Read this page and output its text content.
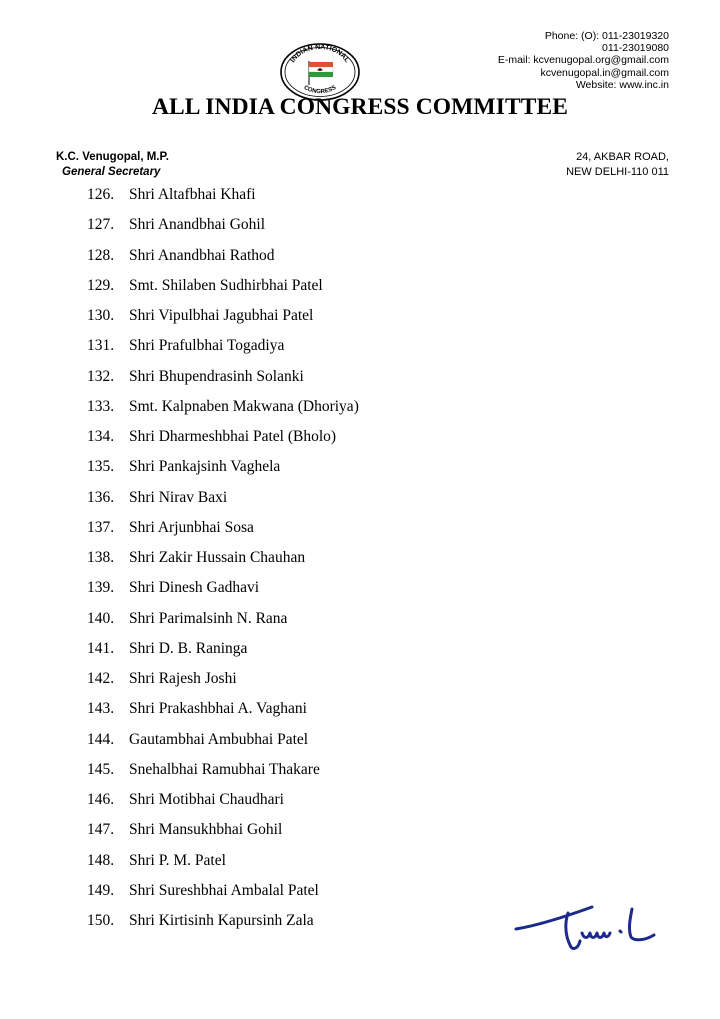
Phone: (O): 011-23019320
011-23019080
E-mail: kcvenugopal.org@gmail.com
kcvenugopal.in@gmail.com
Website: www.inc.in
INDIAN NATIONAL
CONGRESS
ALL INDIA CONGRESS COMMITTEE
K.C. Venugopal, M.P.
General Secretary
24, AKBAR ROAD,
NEW DELHI-110 011
126. Shri Altafbhai Khafi
127. Shri Anandbhai Gohil
128. Shri Anandbhai Rathod
129. Smt. Shilaben Sudhirbhai Patel
130. Shri Vipulbhai Jagubhai Patel
131. Shri Prafulbhai Togadiya
132. Shri Bhupendrasinh Solanki
133. Smt. Kalpnaben Makwana (Dhoriya)
134. Shri Dharmeshbhai Patel (Bholo)
135. Shri Pankajsinh Vaghela
136. Shri Nirav Baxi
137. Shri Arjunbhai Sosa
138. Shri Zakir Hussain Chauhan
139. Shri Dinesh Gadhavi
140. Shri Parimalsinh N. Rana
141. Shri D. B. Raninga
142. Shri Rajesh Joshi
143. Shri Prakashbhai A. Vaghani
144. Gautambhai Ambubhai Patel
145. Snehalbhai Ramubhai Thakare
146. Shri Motibhai Chaudhari
147. Shri Mansukhbhai Gohil
148. Shri P. M. Patel
149. Shri Sureshbhai Ambalal Patel
150. Shri Kirtisinh Kapursinh Zala
